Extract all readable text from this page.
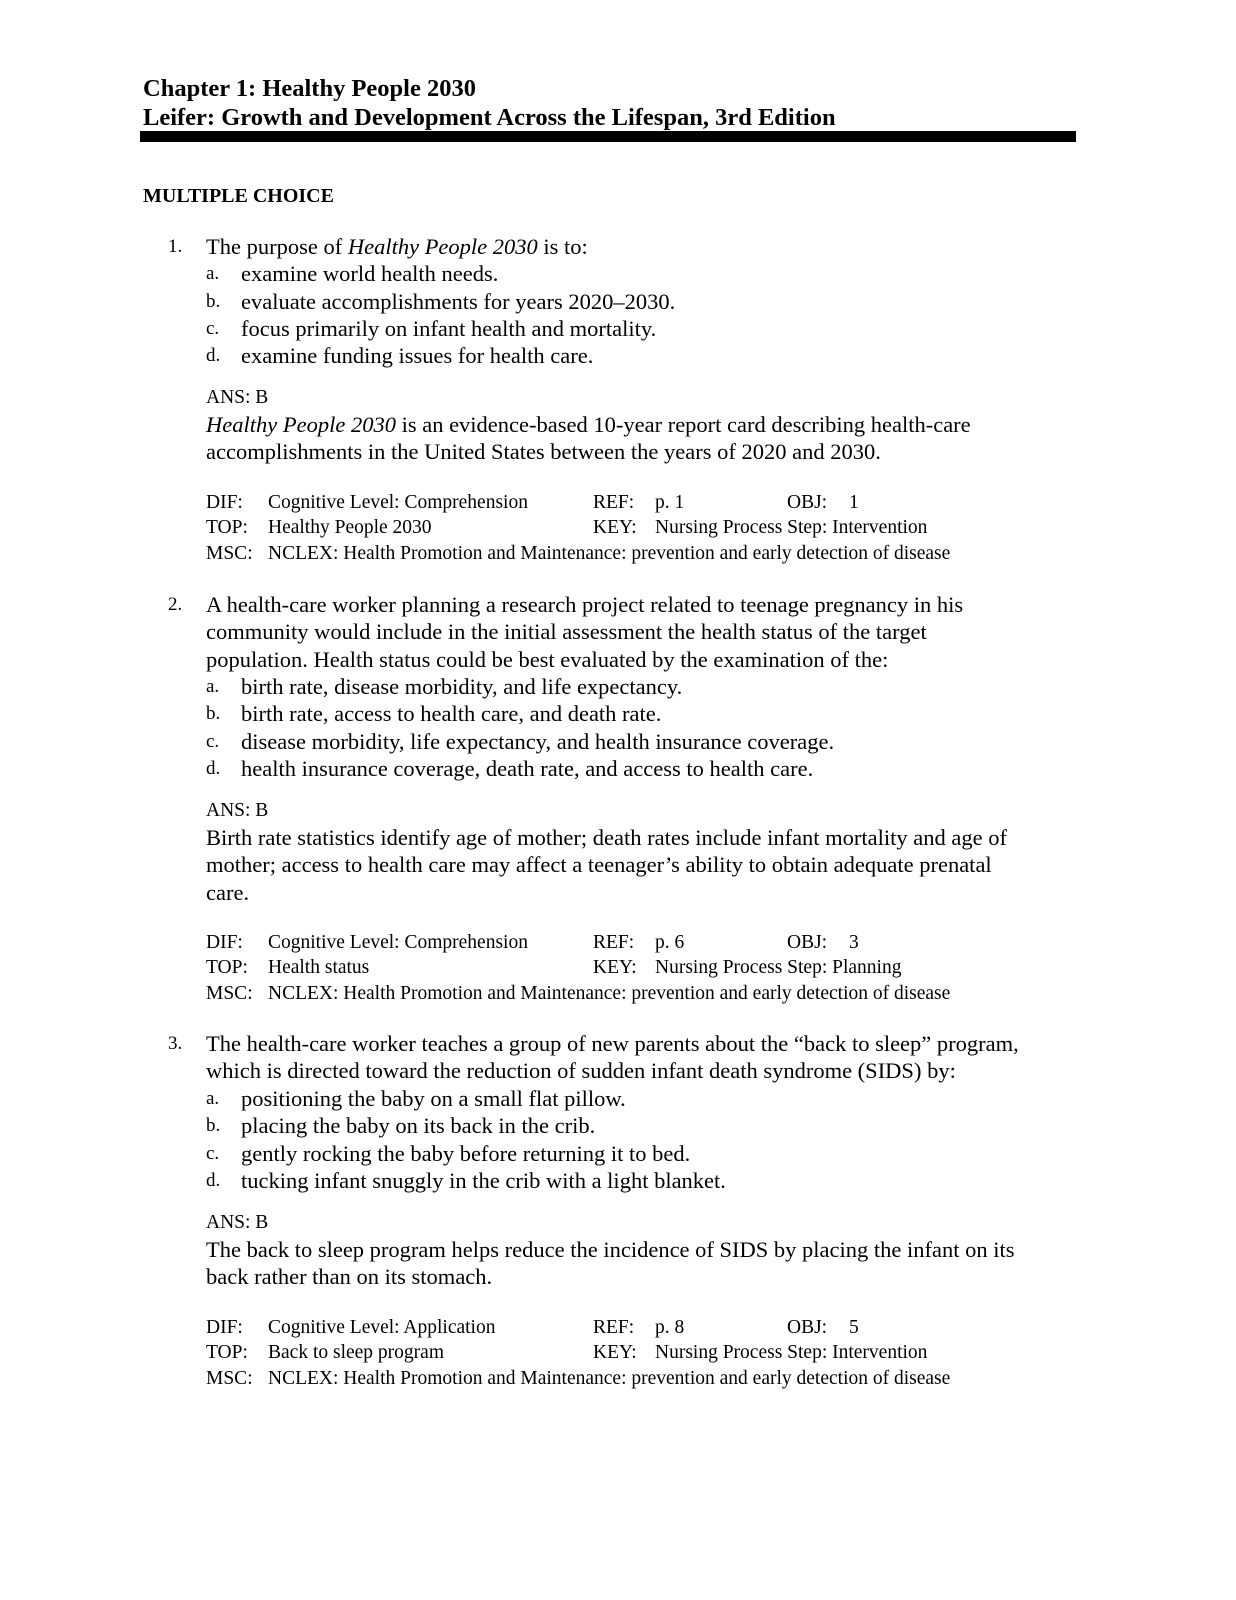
Chapter 1: Healthy People 2030
Leifer: Growth and Development Across the Lifespan, 3rd Edition
MULTIPLE CHOICE
1. The purpose of Healthy People 2030 is to:
a. examine world health needs.
b. evaluate accomplishments for years 2020–2030.
c. focus primarily on infant health and mortality.
d. examine funding issues for health care.
ANS: B
Healthy People 2030 is an evidence-based 10-year report card describing health-care
accomplishments in the United States between the years of 2020 and 2030.
DIF: Cognitive Level: Comprehension	REF: p. 1	OBJ: 1
TOP: Healthy People 2030	KEY: Nursing Process Step: Intervention
MSC: NCLEX: Health Promotion and Maintenance: prevention and early detection of disease
2. A health-care worker planning a research project related to teenage pregnancy in his
community would include in the initial assessment the health status of the target
population. Health status could be best evaluated by the examination of the:
a. birth rate, disease morbidity, and life expectancy.
b. birth rate, access to health care, and death rate.
c. disease morbidity, life expectancy, and health insurance coverage.
d. health insurance coverage, death rate, and access to health care.
ANS: B
Birth rate statistics identify age of mother; death rates include infant mortality and age of
mother; access to health care may affect a teenager’s ability to obtain adequate prenatal
care.
DIF: Cognitive Level: Comprehension	REF: p. 6	OBJ: 3
TOP: Health status	KEY: Nursing Process Step: Planning
MSC: NCLEX: Health Promotion and Maintenance: prevention and early detection of disease
3. The health-care worker teaches a group of new parents about the “back to sleep” program,
which is directed toward the reduction of sudden infant death syndrome (SIDS) by:
a. positioning the baby on a small flat pillow.
b. placing the baby on its back in the crib.
c. gently rocking the baby before returning it to bed.
d. tucking infant snuggly in the crib with a light blanket.
ANS: B
The back to sleep program helps reduce the incidence of SIDS by placing the infant on its
back rather than on its stomach.
DIF: Cognitive Level: Application	REF: p. 8	OBJ: 5
TOP: Back to sleep program	KEY: Nursing Process Step: Intervention
MSC: NCLEX: Health Promotion and Maintenance: prevention and early detection of disease
